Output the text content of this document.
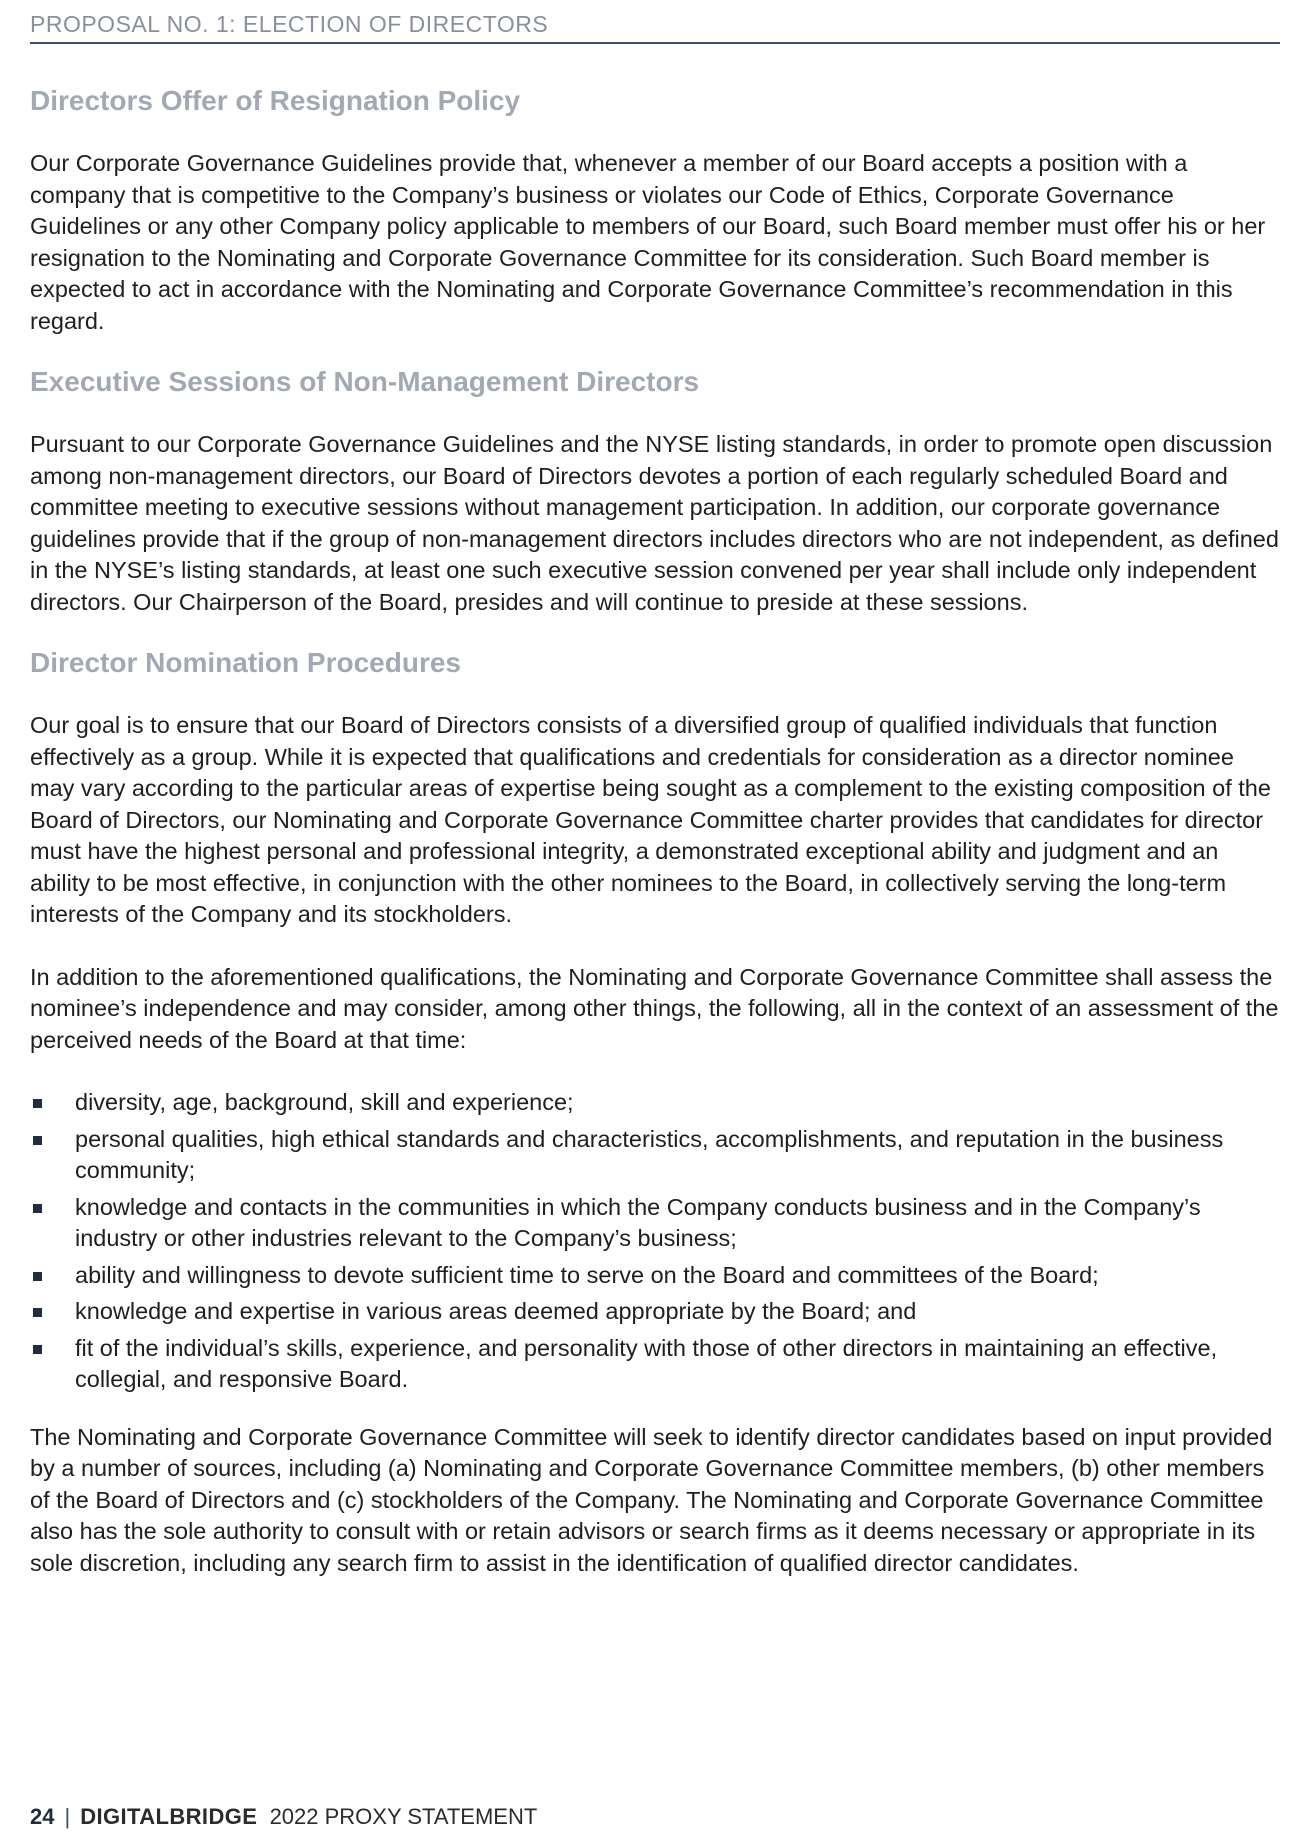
PROPOSAL NO. 1: ELECTION OF DIRECTORS
Directors Offer of Resignation Policy

Our Corporate Governance Guidelines provide that, whenever a member of our Board accepts a position with a company that is competitive to the Company’s business or violates our Code of Ethics, Corporate Governance Guidelines or any other Company policy applicable to members of our Board, such Board member must offer his or her resignation to the Nominating and Corporate Governance Committee for its consideration. Such Board member is expected to act in accordance with the Nominating and Corporate Governance Committee’s recommendation in this regard.

Executive Sessions of Non-Management Directors

Pursuant to our Corporate Governance Guidelines and the NYSE listing standards, in order to promote open discussion among non-management directors, our Board of Directors devotes a portion of each regularly scheduled Board and committee meeting to executive sessions without management participation. In addition, our corporate governance guidelines provide that if the group of non-management directors includes directors who are not independent, as defined in the NYSE’s listing standards, at least one such executive session convened per year shall include only independent directors. Our Chairperson of the Board, presides and will continue to preside at these sessions.

Director Nomination Procedures

Our goal is to ensure that our Board of Directors consists of a diversified group of qualified individuals that function effectively as a group. While it is expected that qualifications and credentials for consideration as a director nominee may vary according to the particular areas of expertise being sought as a complement to the existing composition of the Board of Directors, our Nominating and Corporate Governance Committee charter provides that candidates for director must have the highest personal and professional integrity, a demonstrated exceptional ability and judgment and an ability to be most effective, in conjunction with the other nominees to the Board, in collectively serving the long-term interests of the Company and its stockholders.

In addition to the aforementioned qualifications, the Nominating and Corporate Governance Committee shall assess the nominee’s independence and may consider, among other things, the following, all in the context of an assessment of the perceived needs of the Board at that time:

diversity, age, background, skill and experience;
personal qualities, high ethical standards and characteristics, accomplishments, and reputation in the business community;
knowledge and contacts in the communities in which the Company conducts business and in the Company’s industry or other industries relevant to the Company’s business;
ability and willingness to devote sufficient time to serve on the Board and committees of the Board;
knowledge and expertise in various areas deemed appropriate by the Board; and
fit of the individual’s skills, experience, and personality with those of other directors in maintaining an effective, collegial, and responsive Board.

The Nominating and Corporate Governance Committee will seek to identify director candidates based on input provided by a number of sources, including (a) Nominating and Corporate Governance Committee members, (b) other members of the Board of Directors and (c) stockholders of the Company. The Nominating and Corporate Governance Committee also has the sole authority to consult with or retain advisors or search firms as it deems necessary or appropriate in its sole discretion, including any search firm to assist in the identification of qualified director candidates.

24 | DIGITALBRIDGE 2022 PROXY STATEMENT
